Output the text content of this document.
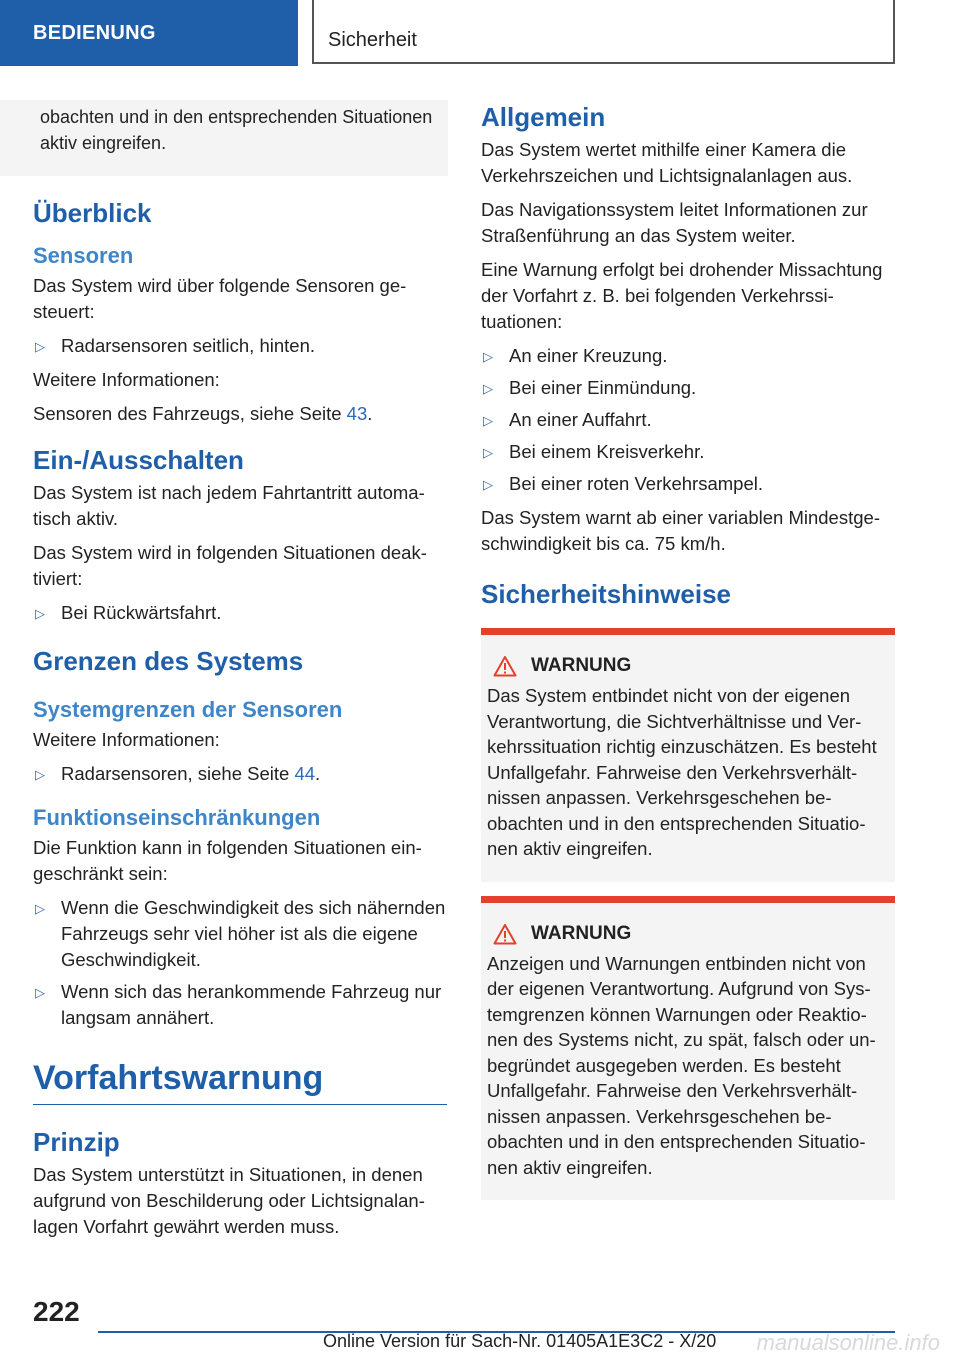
BEDIENUNG	Sicherheit
obachten und in den entsprechenden Situationen aktiv eingreifen.
Überblick
Sensoren

Das System wird über folgende Sensoren gesteuert:

▷ Radarsensoren seitlich, hinten.

Weitere Informationen:

Sensoren des Fahrzeugs, siehe Seite 43.

Ein-/Ausschalten

Das System ist nach jedem Fahrtantritt automatisch aktiv.

Das System wird in folgenden Situationen deaktiviert:

▷ Bei Rückwärtsfahrt.
Grenzen des Systems
Systemgrenzen der Sensoren

Weitere Informationen:

▷ Radarsensoren, siehe Seite 44.
Funktionseinschränkungen

Die Funktion kann in folgenden Situationen eingeschränkt sein:

▷ Wenn die Geschwindigkeit des sich nähernden Fahrzeugs sehr viel höher ist als die eigene Geschwindigkeit.
▷ Wenn sich das herankommende Fahrzeug nur langsam annähert.
Vorfahrtswarnung
Prinzip

Das System unterstützt in Situationen, in denen aufgrund von Beschilderung oder Lichtsignalanlagen Vorfahrt gewährt werden muss.

Allgemein

Das System wertet mithilfe einer Kamera die Verkehrszeichen und Lichtsignalanlagen aus.

Das Navigationssystem leitet Informationen zur Straßenführung an das System weiter.

Eine Warnung erfolgt bei drohender Missachtung der Vorfahrt z. B. bei folgenden Verkehrssituationen:

▷ An einer Kreuzung.
▷ Bei einer Einmündung.
▷ An einer Auffahrt.
▷ Bei einem Kreisverkehr.
▷ Bei einer roten Verkehrsampel.

Das System warnt ab einer variablen Mindestgeschwindigkeit bis ca. 75 km/h.

Sicherheitshinweise
WARNUNG

Das System entbindet nicht von der eigenen Verantwortung, die Sichtverhältnisse und Verkehrssituation richtig einzuschätzen. Es besteht Unfallgefahr. Fahrweise den Verkehrsverhältnissen anpassen. Verkehrsgeschehen beobachten und in den entsprechenden Situationen aktiv eingreifen.

WARNUNG

Anzeigen und Warnungen entbinden nicht von der eigenen Verantwortung. Aufgrund von Systemgrenzen können Warnungen oder Reaktionen des Systems nicht, zu spät, falsch oder unbegründet ausgegeben werden. Es besteht Unfallgefahr. Fahrweise den Verkehrsverhältnissen anpassen. Verkehrsgeschehen beobachten und in den entsprechenden Situationen aktiv eingreifen.

222
Online Version für Sach-Nr. 01405A1E3C2 - X/20 manualsonline.info
